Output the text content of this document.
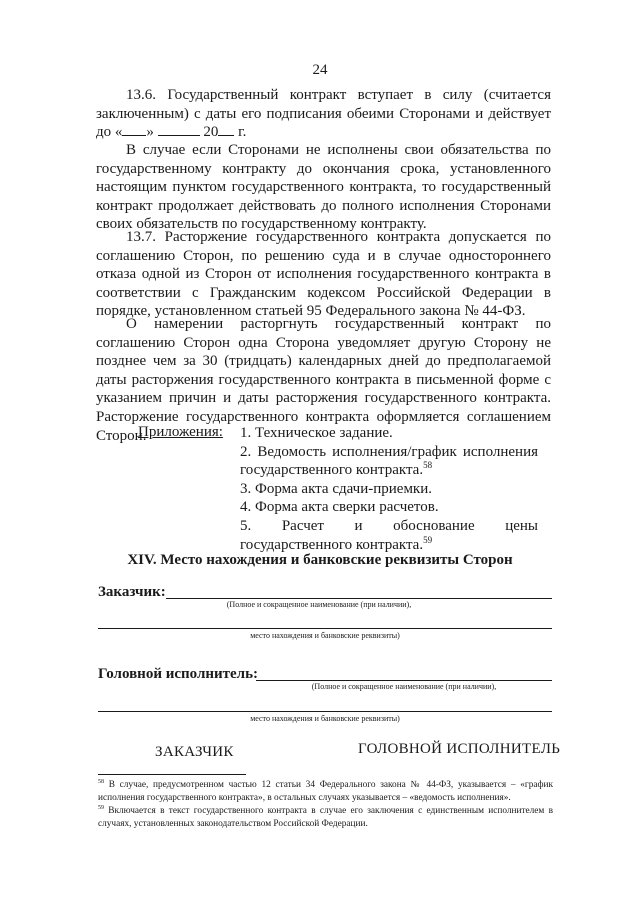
24

13.6. Государственный контракт вступает в силу (считается заключенным) с даты его подписания обеими Сторонами и действует до « »	20 г.

В случае если Сторонами не исполнены свои обязательства по государственному контракту до окончания срока, установленного настоящим пунктом государственного контракта, то государственный контракт продолжает действовать до полного исполнения Сторонами своих обязательств по государственному контракту.

13.7. Расторжение государственного контракта допускается по соглашению Сторон, по решению суда и в случае одностороннего отказа одной из Сторон от исполнения государственного контракта в соответствии с Гражданским кодексом Российской Федерации в порядке, установленном статьей 95 Федерального закона № 44-ФЗ.

О намерении расторгнуть государственный контракт по соглашению Сторон одна Сторона уведомляет другую Сторону не позднее чем за 30 (тридцать) календарных дней до предполагаемой даты расторжения государственного контракта в письменной форме с указанием причин и даты расторжения государственного контракта. Расторжение государственного контракта оформляется соглашением Сторон.

Приложения: 1. Техническое задание.
2. Ведомость исполнения/график исполнения государственного контракта.$^{58}$
3. Форма акта сдачи-приемки.
4. Форма акта сверки расчетов.
5. Расчет и обоснование цены государственного контракта.$^{59}$
XIV. Место нахождения и банковские реквизиты Сторон
Заказчик:
(Полное и сокращенное наименование (при наличии),
место нахождения и банковские реквизиты)
Головной исполнитель:
(Полное и сокращенное наименование (при наличии),
место нахождения и банковские реквизиты)
ЗАКАЗЧИК	ГОЛОВНОЙ ИСПОЛНИТЕЛЬ

$^{58}$ В случае, предусмотренном частью 12 статьи 34 Федерального закона № 44-ФЗ, указывается – «график исполнения государственного контракта», в остальных случаях указывается – «ведомость исполнения».

$^{59}$ Включается в текст государственного контракта в случае его заключения с единственным исполнителем в случаях, установленных законодательством Российской Федерации.
